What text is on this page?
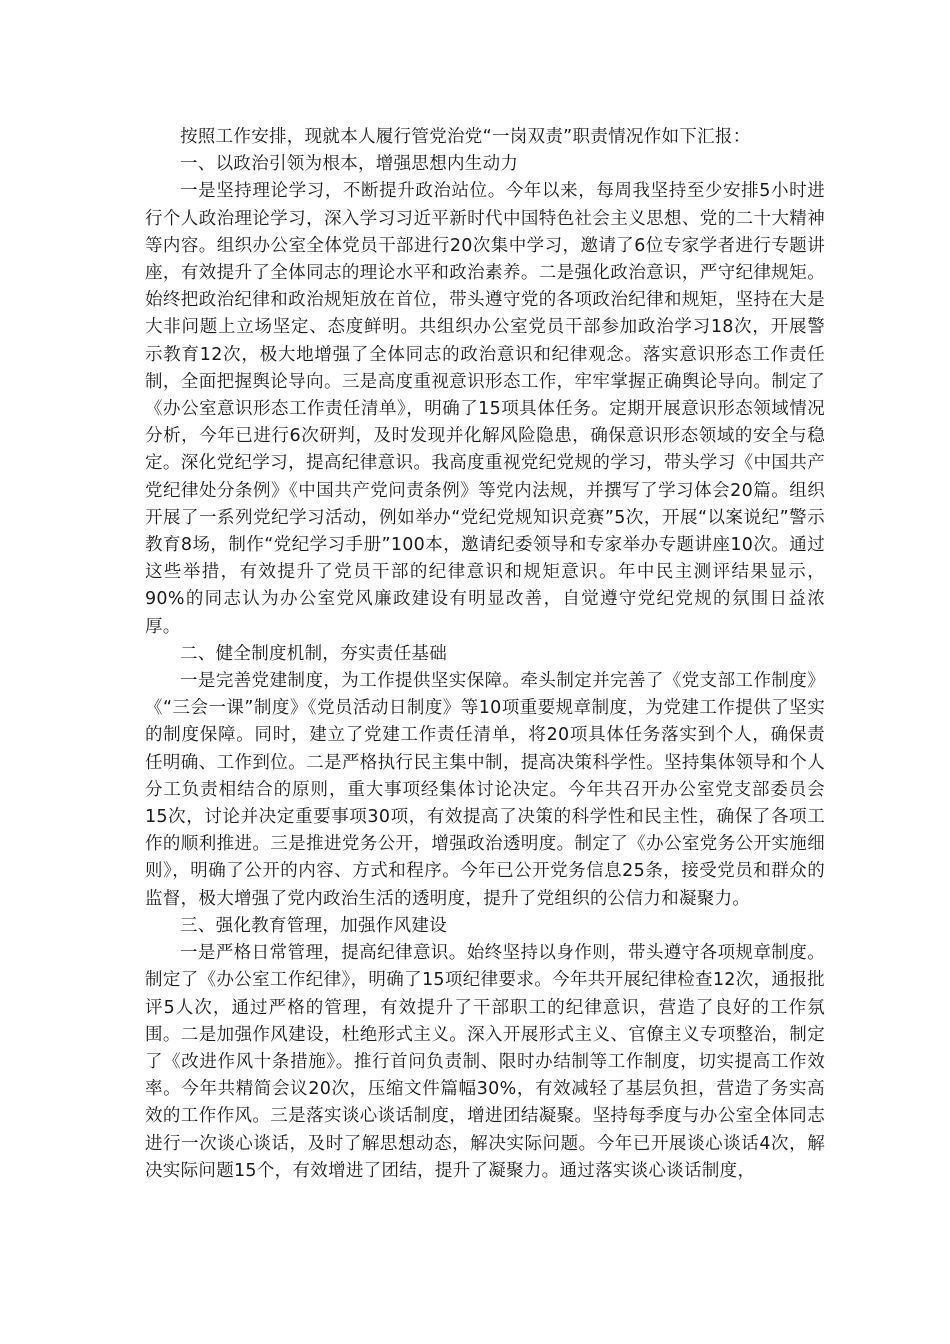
按照工作安排，现就本人履行管党治党“一岗双责”职责情况作如下汇报：

一、以政治引领为根本，增强思想内生动力

一是坚持理论学习，不断提升政治站位。今年以来，每周我坚持至少安排5小时进行个人政治理论学习，深入学习习近平新时代中国特色社会主义思想、党的二十大精神等内容。组织办公室全体党员干部进行20次集中学习，邀请了6位专家学者进行专题讲座，有效提升了全体同志的理论水平和政治素养。二是强化政治意识，严守纪律规矩。始终把政治纪律和政治规矩放在首位，带头遵守党的各项政治纪律和规矩，坚持在大是大非问题上立场坚定、态度鲜明。共组织办公室党员干部参加政治学习18次，开展警示教育12次，极大地增强了全体同志的政治意识和纪律观念。落实意识形态工作责任制，全面把握舆论导向。三是高度重视意识形态工作，牢牢掌握正确舆论导向。制定了《办公室意识形态工作责任清单》，明确了15项具体任务。定期开展意识形态领域情况分析，今年已进行6次研判，及时发现并化解风险隐患，确保意识形态领域的安全与稳定。深化党纪学习，提高纪律意识。我高度重视党纪党规的学习，带头学习《中国共产党纪律处分条例》《中国共产党问责条例》等党内法规，并撰写了学习体会20篇。组织开展了一系列党纪学习活动，例如举办“党纪党规知识竞赛”5次，开展“以案说纪”警示教育8场，制作“党纪学习手册”100本，邀请纪委领导和专家举办专题讲座10次。通过这些举措，有效提升了党员干部的纪律意识和规矩意识。年中民主测评结果显示，90%的同志认为办公室党风廉政建设有明显改善，自觉遵守党纪党规的氛围日益浓厚。

二、健全制度机制，夯实责任基础

一是完善党建制度，为工作提供坚实保障。牵头制定并完善了《党支部工作制度》《“三会一课”制度》《党员活动日制度》等10项重要规章制度，为党建工作提供了坚实的制度保障。同时，建立了党建工作责任清单，将20项具体任务落实到个人，确保责任明确、工作到位。二是严格执行民主集中制，提高决策科学性。坚持集体领导和个人分工负责相结合的原则，重大事项经集体讨论决定。今年共召开办公室党支部委员会15次，讨论并决定重要事项30项，有效提高了决策的科学性和民主性，确保了各项工作的顺利推进。三是推进党务公开，增强政治透明度。制定了《办公室党务公开实施细则》，明确了公开的内容、方式和程序。今年已公开党务信息25条，接受党员和群众的监督，极大增强了党内政治生活的透明度，提升了党组织的公信力和凝聚力。

三、强化教育管理，加强作风建设

一是严格日常管理，提高纪律意识。始终坚持以身作则，带头遵守各项规章制度。制定了《办公室工作纪律》，明确了15项纪律要求。今年共开展纪律检查12次，通报批评5人次，通过严格的管理，有效提升了干部职工的纪律意识，营造了良好的工作氛围。二是加强作风建设，杜绝形式主义。深入开展形式主义、官僚主义专项整治，制定了《改进作风十条措施》。推行首问负责制、限时办结制等工作制度，切实提高工作效率。今年共精简会议20次，压缩文件篇幅30%，有效减轻了基层负担，营造了务实高效的工作作风。三是落实谈心谈话制度，增进团结凝聚。坚持每季度与办公室全体同志进行一次谈心谈话，及时了解思想动态，解决实际问题。今年已开展谈心谈话4次，解决实际问题15个，有效增进了团结，提升了凝聚力。通过落实谈心谈话制度，
